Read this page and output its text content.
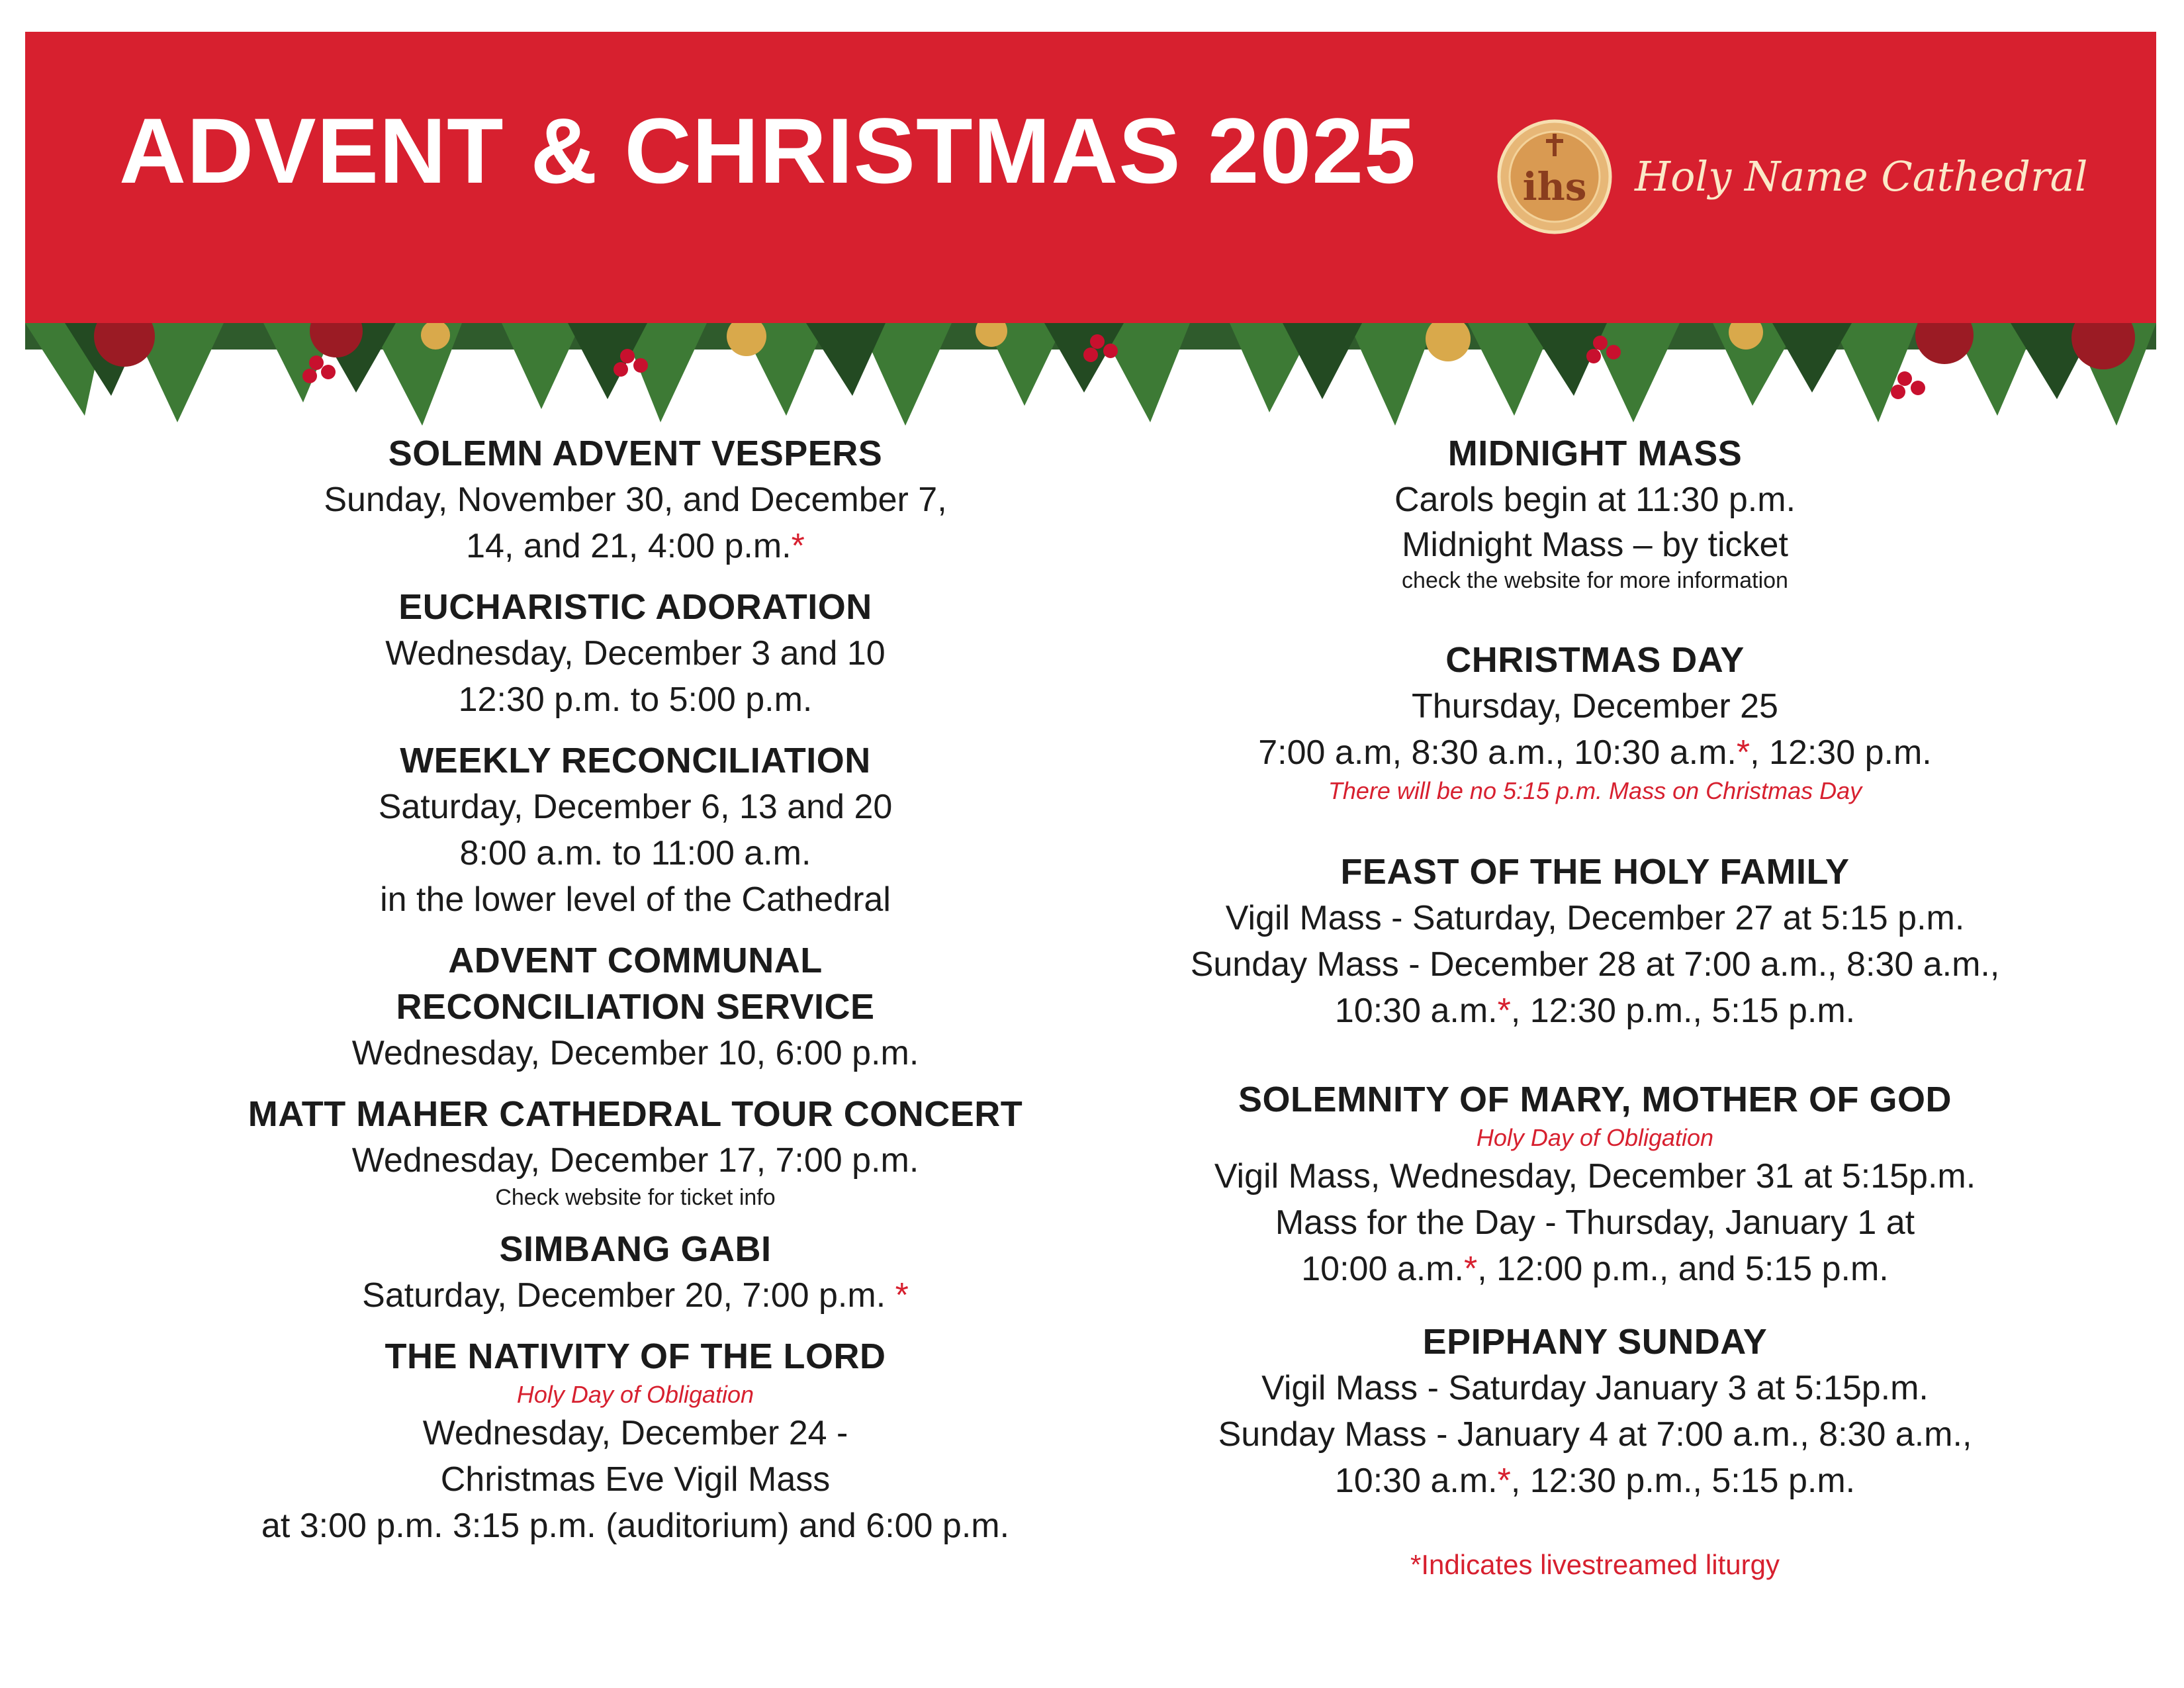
ADVENT & CHRISTMAS 2025	ihs Holy Name Cathedral
SOLEMN ADVENT VESPERS
Sunday, November 30, and December 7,
14, and 21, 4:00 p.m.*
EUCHARISTIC ADORATION
Wednesday, December 3 and 10
12:30 p.m. to 5:00 p.m.
WEEKLY RECONCILIATION
Saturday, December 6, 13 and 20
8:00 a.m. to 11:00 a.m.
in the lower level of the Cathedral
ADVENT COMMUNAL
RECONCILIATION SERVICE
Wednesday, December 10, 6:00 p.m.
MATT MAHER CATHEDRAL TOUR CONCERT
Wednesday, December 17, 7:00 p.m.
Check website for ticket info
SIMBANG GABI
Saturday, December 20, 7:00 p.m. *
THE NATIVITY OF THE LORD
Holy Day of Obligation
Wednesday, December 24 -
Christmas Eve Vigil Mass
at 3:00 p.m. 3:15 p.m. (auditorium) and 6:00 p.m.
MIDNIGHT MASS
Carols begin at 11:30 p.m.
Midnight Mass – by ticket
check the website for more information
CHRISTMAS DAY
Thursday, December 25
7:00 a.m, 8:30 a.m., 10:30 a.m.*, 12:30 p.m.
There will be no 5:15 p.m. Mass on Christmas Day
FEAST OF THE HOLY FAMILY
Vigil Mass - Saturday, December 27 at 5:15 p.m.
Sunday Mass - December 28 at 7:00 a.m., 8:30 a.m.,
10:30 a.m.*, 12:30 p.m., 5:15 p.m.
SOLEMNITY OF MARY, MOTHER OF GOD
Holy Day of Obligation
Vigil Mass, Wednesday, December 31 at 5:15p.m.
Mass for the Day - Thursday, January 1 at
10:00 a.m.*, 12:00 p.m., and 5:15 p.m.
EPIPHANY SUNDAY
Vigil Mass - Saturday January 3 at 5:15p.m.
Sunday Mass - January 4 at 7:00 a.m., 8:30 a.m.,
10:30 a.m.*, 12:30 p.m., 5:15 p.m.
*Indicates livestreamed liturgy
